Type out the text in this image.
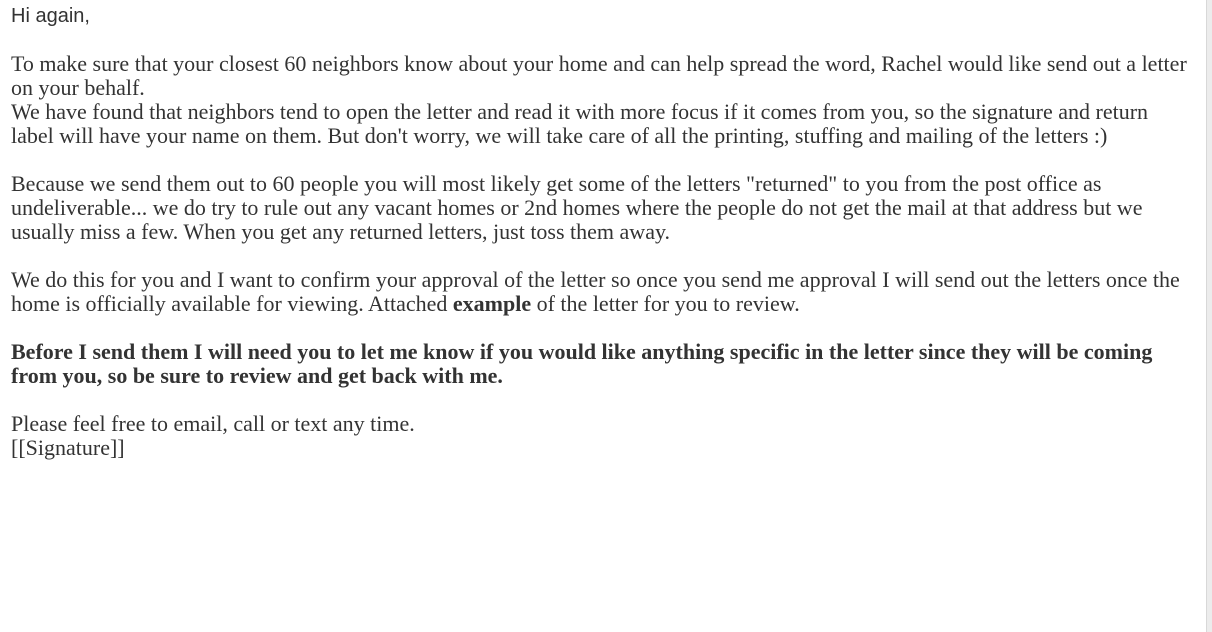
Hi again,

To make sure that your closest 60 neighbors know about your home and can help spread the word, Rachel would like send out a letter on your behalf.

We have found that neighbors tend to open the letter and read it with more focus if it comes from you, so the signature and return label will have your name on them. But don't worry, we will take care of all the printing, stuffing and mailing of the letters :)

Because we send them out to 60 people you will most likely get some of the letters "returned" to you from the post office as undeliverable... we do try to rule out any vacant homes or 2nd homes where the people do not get the mail at that address but we usually miss a few. When you get any returned letters, just toss them away.

We do this for you and I want to confirm your approval of the letter so once you send me approval I will send out the letters once the home is officially available for viewing. Attached example of the letter for you to review.

Before I send them I will need you to let me know if you would like anything specific in the letter since they will be coming from you, so be sure to review and get back with me.

Please feel free to email, call or text any time.

[[Signature]]
